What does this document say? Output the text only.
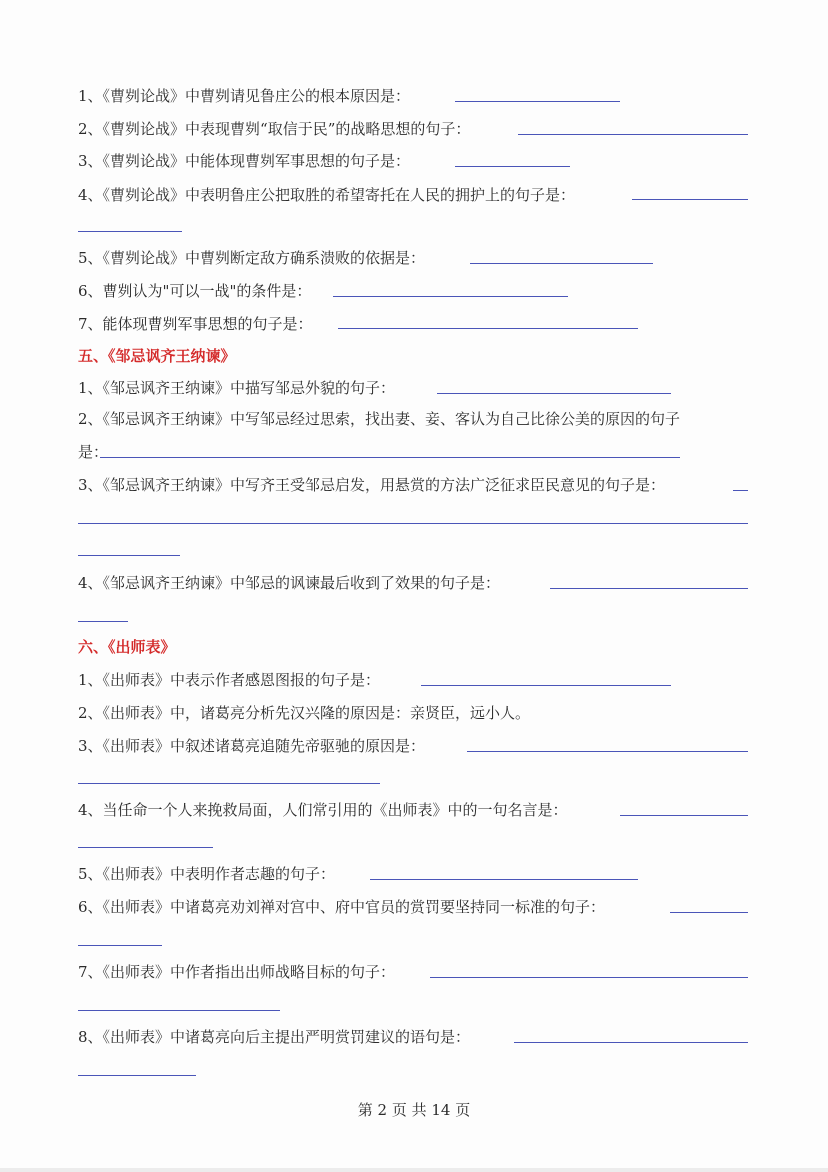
1、《曹刿论战》中曹刿请见鲁庄公的根本原因是：
2、《曹刿论战》中表现曹刿“取信于民”的战略思想的句子：
3、《曹刿论战》中能体现曹刿军事思想的句子是：
4、《曹刿论战》中表明鲁庄公把取胜的希望寄托在人民的拥护上的句子是：
5、《曹刿论战》中曹刿断定敌方确系溃败的依据是：
6、曹刿认为"可以一战"的条件是：
7、能体现曹刿军事思想的句子是：
五、《邹忌讽齐王纳谏》
1、《邹忌讽齐王纳谏》中描写邹忌外貌的句子：
2、《邹忌讽齐王纳谏》中写邹忌经过思索，找出妻、妾、客认为自己比徐公美的原因的句子
是：
3、《邹忌讽齐王纳谏》中写齐王受邹忌启发，用悬赏的方法广泛征求臣民意见的句子是：
4、《邹忌讽齐王纳谏》中邹忌的讽谏最后收到了效果的句子是：
六、《出师表》
1、《出师表》中表示作者感恩图报的句子是：
2、《出师表》中，诸葛亮分析先汉兴隆的原因是：亲贤臣，远小人。
3、《出师表》中叙述诸葛亮追随先帝驱驰的原因是：
4、当任命一个人来挽救局面，人们常引用的《出师表》中的一句名言是：
5、《出师表》中表明作者志趣的句子：
6、《出师表》中诸葛亮劝刘禅对宫中、府中官员的赏罚要坚持同一标准的句子：
7、《出师表》中作者指出出师战略目标的句子：
8、《出师表》中诸葛亮向后主提出严明赏罚建议的语句是：
第 2 页 共 14 页
